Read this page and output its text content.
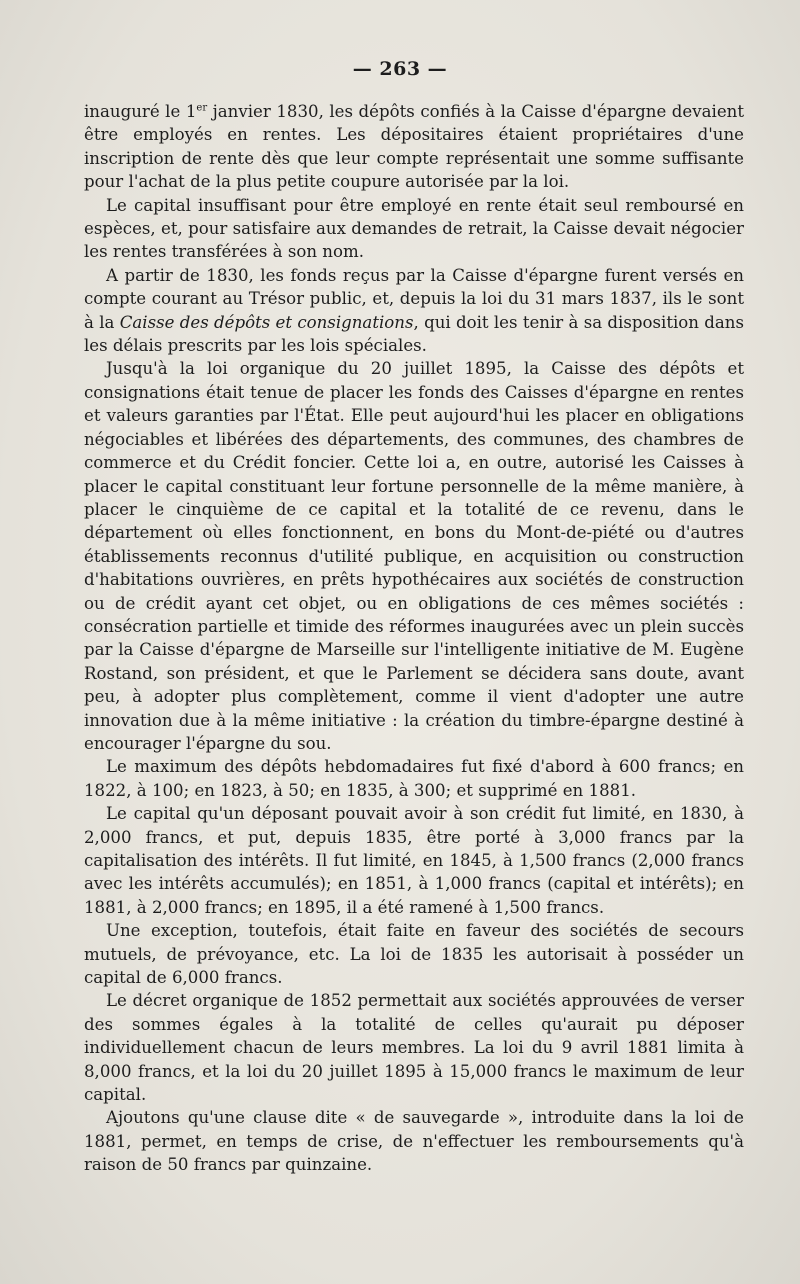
— 263 —

inauguré le 1er janvier 1830, les dépôts confiés à la Caisse d'épargne devaient être employés en rentes. Les dépositaires étaient propriétaires d'une inscription de rente dès que leur compte représentait une somme suffisante pour l'achat de la plus petite coupure autorisée par la loi.

Le capital insuffisant pour être employé en rente était seul remboursé en espèces, et, pour satisfaire aux demandes de retrait, la Caisse devait négocier les rentes transférées à son nom.

A partir de 1830, les fonds reçus par la Caisse d'épargne furent versés en compte courant au Trésor public, et, depuis la loi du 31 mars 1837, ils le sont à la Caisse des dépôts et consignations, qui doit les tenir à sa disposition dans les délais prescrits par les lois spéciales.

Jusqu'à la loi organique du 20 juillet 1895, la Caisse des dépôts et consignations était tenue de placer les fonds des Caisses d'épargne en rentes et valeurs garanties par l'État. Elle peut aujourd'hui les placer en obligations négociables et libérées des départements, des communes, des chambres de commerce et du Crédit foncier. Cette loi a, en outre, autorisé les Caisses à placer le capital constituant leur fortune personnelle de la même manière, à placer le cinquième de ce capital et la totalité de ce revenu, dans le département où elles fonctionnent, en bons du Mont-de-piété ou d'autres établissements reconnus d'utilité publique, en acquisition ou construction d'habitations ouvrières, en prêts hypothécaires aux sociétés de construction ou de crédit ayant cet objet, ou en obligations de ces mêmes sociétés : consécration partielle et timide des réformes inaugurées avec un plein succès par la Caisse d'épargne de Marseille sur l'intelligente initiative de M. Eugène Rostand, son président, et que le Parlement se décidera sans doute, avant peu, à adopter plus complètement, comme il vient d'adopter une autre innovation due à la même initiative : la création du timbre-épargne destiné à encourager l'épargne du sou.

Le maximum des dépôts hebdomadaires fut fixé d'abord à 600 francs; en 1822, à 100; en 1823, à 50; en 1835, à 300; et supprimé en 1881.

Le capital qu'un déposant pouvait avoir à son crédit fut limité, en 1830, à 2,000 francs, et put, depuis 1835, être porté à 3,000 francs par la capitalisation des intérêts. Il fut limité, en 1845, à 1,500 francs (2,000 francs avec les intérêts accumulés); en 1851, à 1,000 francs (capital et intérêts); en 1881, à 2,000 francs; en 1895, il a été ramené à 1,500 francs.

Une exception, toutefois, était faite en faveur des sociétés de secours mutuels, de prévoyance, etc. La loi de 1835 les autorisait à posséder un capital de 6,000 francs.

Le décret organique de 1852 permettait aux sociétés approuvées de verser des sommes égales à la totalité de celles qu'aurait pu déposer individuellement chacun de leurs membres. La loi du 9 avril 1881 limita à 8,000 francs, et la loi du 20 juillet 1895 à 15,000 francs le maximum de leur capital.

Ajoutons qu'une clause dite « de sauvegarde », introduite dans la loi de 1881, permet, en temps de crise, de n'effectuer les remboursements qu'à raison de 50 francs par quinzaine.
